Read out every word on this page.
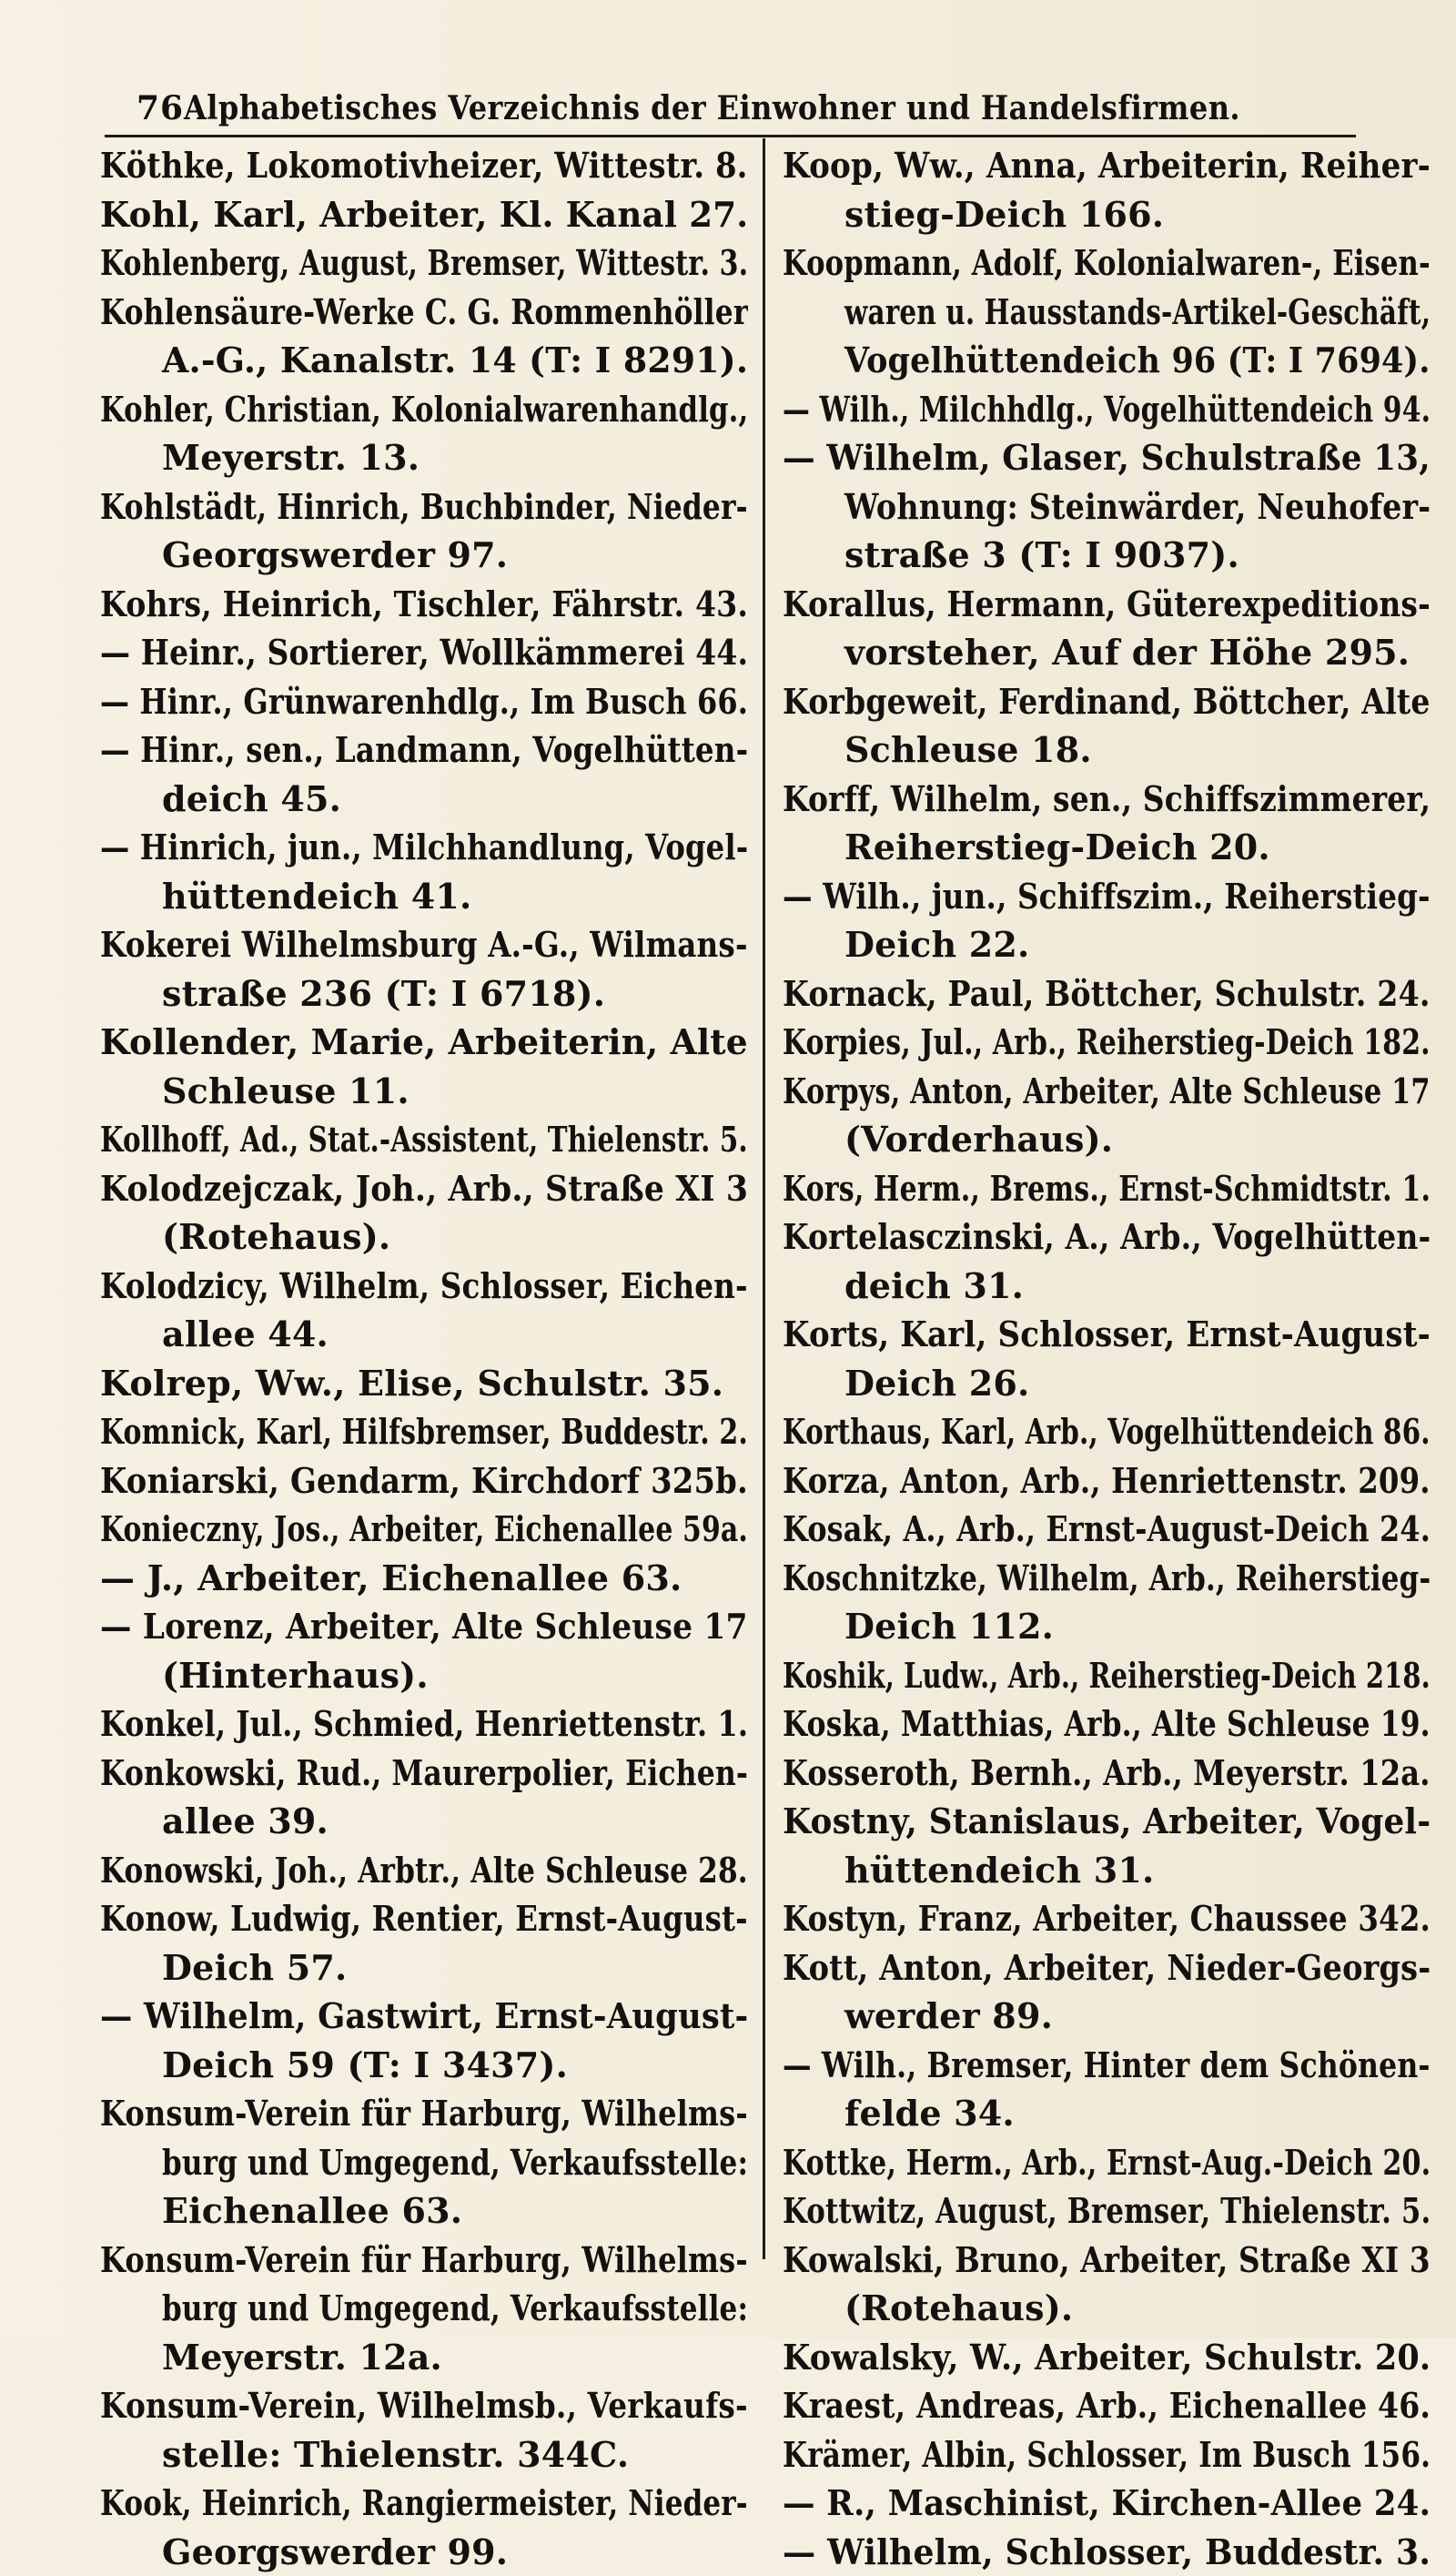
76 Alphabetisches Verzeichnis der Einwohner und Handelsfirmen.
Köthke, Lokomotivheizer, Wittestr. 8.
Kohl, Karl, Arbeiter, Kl. Kanal 27.
Kohlenberg, August, Bremser, Wittestr. 3.
Kohlensäure-Werke C. G. Rommenhöller
A.-G., Kanalstr. 14 (T: I 8291).
Kohler, Christian, Kolonialwarenhandlg.,
Meyerstr. 13.
Kohlstädt, Hinrich, Buchbinder, Nieder-
Georgswerder 97.
Kohrs, Heinrich, Tischler, Fährstr. 43.
— Heinr., Sortierer, Wollkämmerei 44.
— Hinr., Grünwarenhdlg., Im Busch 66.
— Hinr., sen., Landmann, Vogelhütten-
deich 45.
— Hinrich, jun., Milchhandlung, Vogel-
hüttendeich 41.
Kokerei Wilhelmsburg A.-G., Wilmans-
straße 236 (T: I 6718).
Kollender, Marie, Arbeiterin, Alte
Schleuse 11.
Kollhoff, Ad., Stat.-Assistent, Thielenstr. 5.
Kolodzejczak, Joh., Arb., Straße XI 3
(Rotehaus).
Kolodzicy, Wilhelm, Schlosser, Eichen-
allee 44.
Kolrep, Ww., Elise, Schulstr. 35.
Komnick, Karl, Hilfsbremser, Buddestr. 2.
Koniarski, Gendarm, Kirchdorf 325b.
Konieczny, Jos., Arbeiter, Eichenallee 59a.
— J., Arbeiter, Eichenallee 63.
— Lorenz, Arbeiter, Alte Schleuse 17
(Hinterhaus).
Konkel, Jul., Schmied, Henriettenstr. 1.
Konkowski, Rud., Maurerpolier, Eichen-
allee 39.
Konowski, Joh., Arbtr., Alte Schleuse 28.
Konow, Ludwig, Rentier, Ernst-August-
Deich 57.
— Wilhelm, Gastwirt, Ernst-August-
Deich 59 (T: I 3437).
Konsum-Verein für Harburg, Wilhelms-
burg und Umgegend, Verkaufsstelle:
Eichenallee 63.
Konsum-Verein für Harburg, Wilhelms-
burg und Umgegend, Verkaufsstelle:
Meyerstr. 12a.
Konsum-Verein, Wilhelmsb., Verkaufs-
stelle: Thielenstr. 344C.
Kook, Heinrich, Rangiermeister, Nieder-
Georgswerder 99.
Koop, Ww., Anna, Arbeiterin, Reiher-
stieg-Deich 166.
Koopmann, Adolf, Kolonialwaren-, Eisen-
waren u. Hausstands-Artikel-Geschäft,
Vogelhüttendeich 96 (T: I 7694).
— Wilh., Milchhdlg., Vogelhüttendeich 94.
— Wilhelm, Glaser, Schulstraße 13,
Wohnung: Steinwärder, Neuhofer-
straße 3 (T: I 9037).
Korallus, Hermann, Güterexpeditions-
vorsteher, Auf der Höhe 295.
Korbgeweit, Ferdinand, Böttcher, Alte
Schleuse 18.
Korff, Wilhelm, sen., Schiffszimmerer,
Reiherstieg-Deich 20.
— Wilh., jun., Schiffszim., Reiherstieg-
Deich 22.
Kornack, Paul, Böttcher, Schulstr. 24.
Korpies, Jul., Arb., Reiherstieg-Deich 182.
Korpys, Anton, Arbeiter, Alte Schleuse 17
(Vorderhaus).
Kors, Herm., Brems., Ernst-Schmidtstr. 1.
Kortelasczinski, A., Arb., Vogelhütten-
deich 31.
Korts, Karl, Schlosser, Ernst-August-
Deich 26.
Korthaus, Karl, Arb., Vogelhüttendeich 86.
Korza, Anton, Arb., Henriettenstr. 209.
Kosak, A., Arb., Ernst-August-Deich 24.
Koschnitzke, Wilhelm, Arb., Reiherstieg-
Deich 112.
Koshik, Ludw., Arb., Reiherstieg-Deich 218.
Koska, Matthias, Arb., Alte Schleuse 19.
Kosseroth, Bernh., Arb., Meyerstr. 12a.
Kostny, Stanislaus, Arbeiter, Vogel-
hüttendeich 31.
Kostyn, Franz, Arbeiter, Chaussee 342.
Kott, Anton, Arbeiter, Nieder-Georgs-
werder 89.
— Wilh., Bremser, Hinter dem Schönen-
felde 34.
Kottke, Herm., Arb., Ernst-Aug.-Deich 20.
Kottwitz, August, Bremser, Thielenstr. 5.
Kowalski, Bruno, Arbeiter, Straße XI 3
(Rotehaus).
Kowalsky, W., Arbeiter, Schulstr. 20.
Kraest, Andreas, Arb., Eichenallee 46.
Krämer, Albin, Schlosser, Im Busch 156.
— R., Maschinist, Kirchen-Allee 24.
— Wilhelm, Schlosser, Buddestr. 3.
